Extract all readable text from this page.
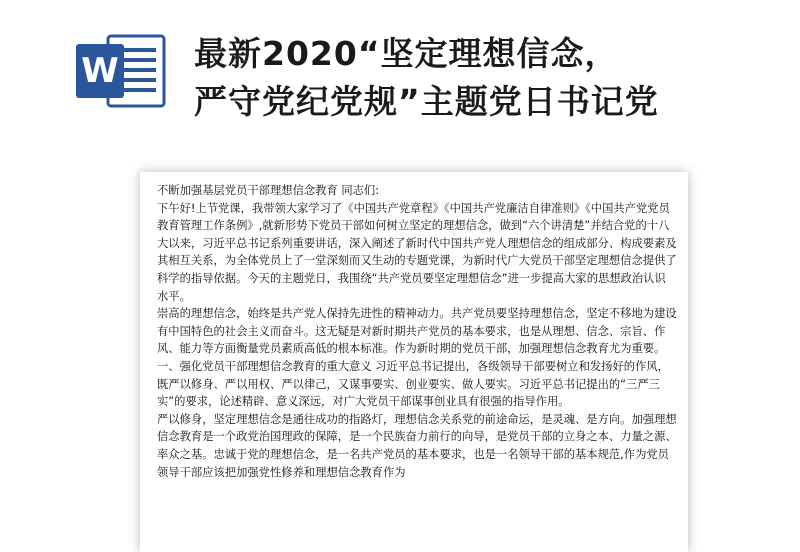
W 最新2020“坚定理想信念，
严守党纪党规”主题党日书记党

不断加强基层党员干部理想信念教育 同志们:

下午好!上节党课，我带领大家学习了《中国共产党章程》《中国共产党廉洁自律准则》《中国共产党党员教育管理工作条例》,就新形势下党员干部如何树立坚定的理想信念，做到“六个讲清楚”并结合党的十八大以来，习近平总书记系列重要讲话，深入阐述了新时代中国共产党人理想信念的组成部分、构成要素及其相互关系，为全体党员上了一堂深刻而又生动的专题党课，为新时代广大党员干部坚定理想信念提供了科学的指导依据。今天的主题党日，我围绕“共产党员要坚定理想信念”进一步提高大家的思想政治认识水平。

崇高的理想信念，始终是共产党人保持先进性的精神动力。共产党员要坚持理想信念，坚定不移地为建设有中国特色的社会主义而奋斗。这无疑是对新时期共产党员的基本要求，也是从理想、信念、宗旨、作风、能力等方面衡量党员素质高低的根本标准。作为新时期的党员干部，加强理想信念教育尤为重要。

一、强化党员干部理想信念教育的重大意义 习近平总书记提出，各级领导干部要树立和发扬好的作风，既严以修身、严以用权、严以律己，又谋事要实、创业要实、做人要实。习近平总书记提出的“三严三实”的要求，论述精辟、意义深远，对广大党员干部谋事创业具有很强的指导作用。

严以修身，坚定理想信念是通往成功的指路灯，理想信念关系党的前途命运，是灵魂、是方向。加强理想信念教育是一个政党治国理政的保障，是一个民族奋力前行的向导，是党员干部的立身之本、力量之源、率众之基。忠诚于党的理想信念，是一名共产党员的基本要求，也是一名领导干部的基本规范,作为党员领导干部应该把加强党性修养和理想信念教育作为
